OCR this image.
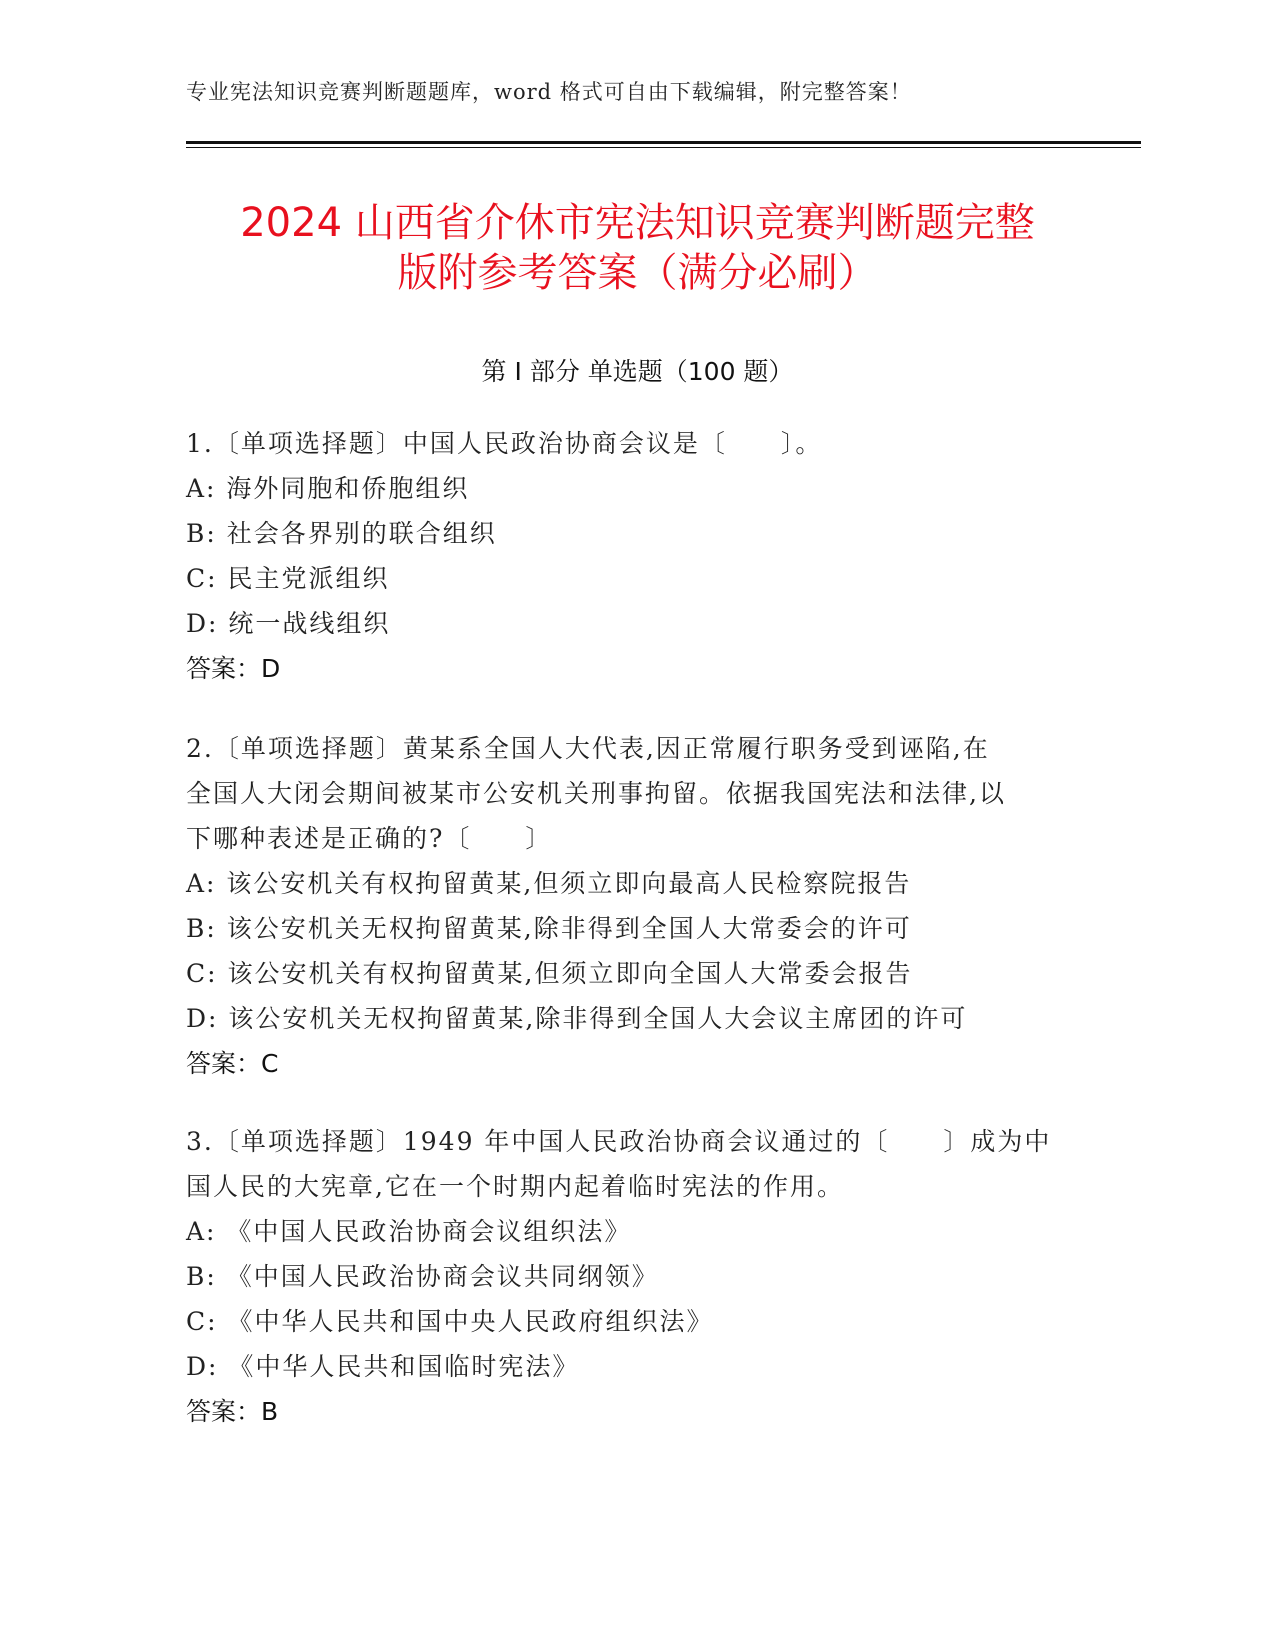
专业宪法知识竞赛判断题题库，word 格式可自由下载编辑，附完整答案！
2024 山西省介休市宪法知识竞赛判断题完整
版附参考答案（满分必刷）
第 I 部分 单选题（100 题）
1.〔单项选择题〕中国人民政治协商会议是〔　　〕。
A: 海外同胞和侨胞组织
B: 社会各界别的联合组织
C: 民主党派组织
D: 统一战线组织
答案：D
2.〔单项选择题〕黄某系全国人大代表,因正常履行职务受到诬陷,在
全国人大闭会期间被某市公安机关刑事拘留。依据我国宪法和法律,以
下哪种表述是正确的?〔　　〕
A: 该公安机关有权拘留黄某,但须立即向最高人民检察院报告
B: 该公安机关无权拘留黄某,除非得到全国人大常委会的许可
C: 该公安机关有权拘留黄某,但须立即向全国人大常委会报告
D: 该公安机关无权拘留黄某,除非得到全国人大会议主席团的许可
答案：C
3.〔单项选择题〕1949 年中国人民政治协商会议通过的〔　　〕成为中
国人民的大宪章,它在一个时期内起着临时宪法的作用。
A: 《中国人民政治协商会议组织法》
B: 《中国人民政治协商会议共同纲领》
C: 《中华人民共和国中央人民政府组织法》
D: 《中华人民共和国临时宪法》
答案：B
